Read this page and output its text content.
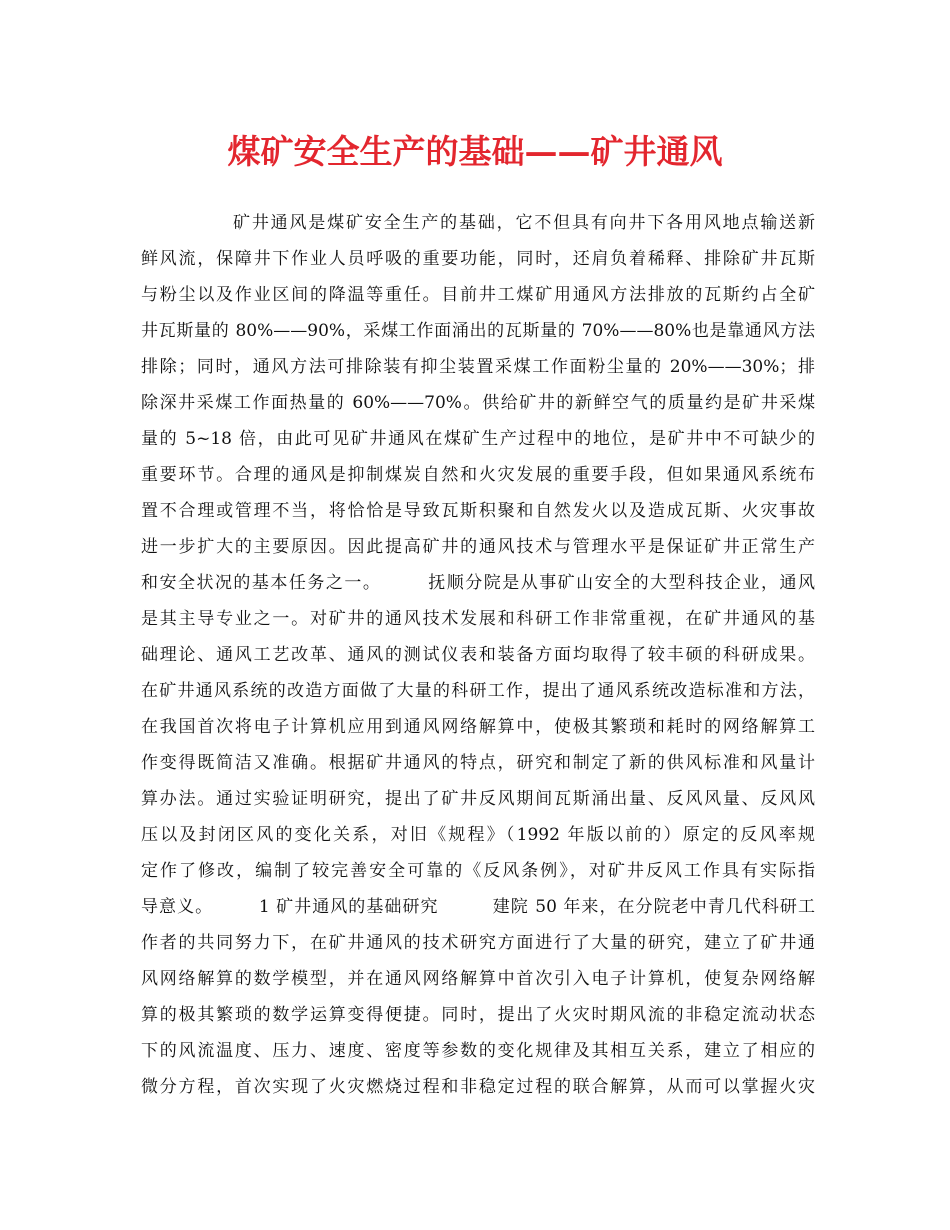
煤矿安全生产的基础——矿井通风
矿井通风是煤矿安全生产的基础，它不但具有向井下各用风地点输送新
鲜风流，保障井下作业人员呼吸的重要功能，同时，还肩负着稀释、排除矿井瓦斯
与粉尘以及作业区间的降温等重任。目前井工煤矿用通风方法排放的瓦斯约占全矿
井瓦斯量的 80%——90%，采煤工作面涌出的瓦斯量的 70%——80%也是靠通风方法
排除；同时，通风方法可排除装有抑尘装置采煤工作面粉尘量的 20%——30%；排
除深井采煤工作面热量的 60%——70%。供给矿井的新鲜空气的质量约是矿井采煤
量的 5~18 倍，由此可见矿井通风在煤矿生产过程中的地位，是矿井中不可缺少的
重要环节。合理的通风是抑制煤炭自然和火灾发展的重要手段，但如果通风系统布
置不合理或管理不当，将恰恰是导致瓦斯积聚和自然发火以及造成瓦斯、火灾事故
进一步扩大的主要原因。因此提高矿井的通风技术与管理水平是保证矿井正常生产
和安全状况的基本任务之一。　　　抚顺分院是从事矿山安全的大型科技企业，通风
是其主导专业之一。对矿井的通风技术发展和科研工作非常重视，在矿井通风的基
础理论、通风工艺改革、通风的测试仪表和装备方面均取得了较丰硕的科研成果。
在矿井通风系统的改造方面做了大量的科研工作，提出了通风系统改造标准和方法，
在我国首次将电子计算机应用到通风网络解算中，使极其繁琐和耗时的网络解算工
作变得既简洁又准确。根据矿井通风的特点，研究和制定了新的供风标准和风量计
算办法。通过实验证明研究，提出了矿井反风期间瓦斯涌出量、反风风量、反风风
压以及封闭区风的变化关系，对旧《规程》（1992 年版以前的）原定的反风率规
定作了修改，编制了较完善安全可靠的《反风条例》，对矿井反风工作具有实际指
导意义。　　　1 矿井通风的基础研究　　　建院 50 年来，在分院老中青几代科研工
作者的共同努力下，在矿井通风的技术研究方面进行了大量的研究，建立了矿井通
风网络解算的数学模型，并在通风网络解算中首次引入电子计算机，使复杂网络解
算的极其繁琐的数学运算变得便捷。同时，提出了火灾时期风流的非稳定流动状态
下的风流温度、压力、速度、密度等参数的变化规律及其相互关系，建立了相应的
微分方程，首次实现了火灾燃烧过程和非稳定过程的联合解算，从而可以掌握火灾
